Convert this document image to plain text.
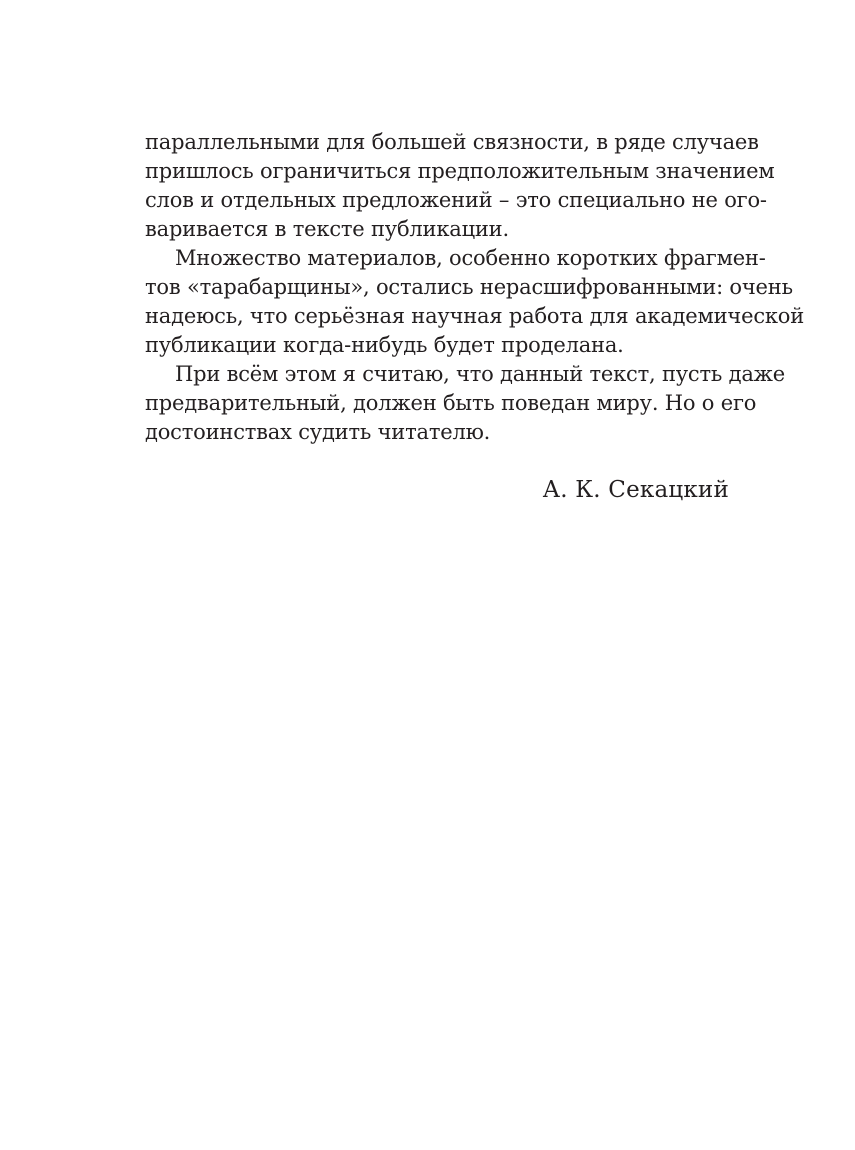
параллельными для большей связности, в ряде случаев
пришлось ограничиться предположительным значением
слов и отдельных предложений – это специально не ого-
варивается в тексте публикации.
Множество материалов, особенно коротких фрагмен-
тов «тарабарщины», остались нерасшифрованными: очень
надеюсь, что серьёзная научная работа для академической
публикации когда-нибудь будет проделана.
При всём этом я считаю, что данный текст, пусть даже
предварительный, должен быть поведан миру. Но о его
достоинствах судить читателю.
А. К. Секацкий
